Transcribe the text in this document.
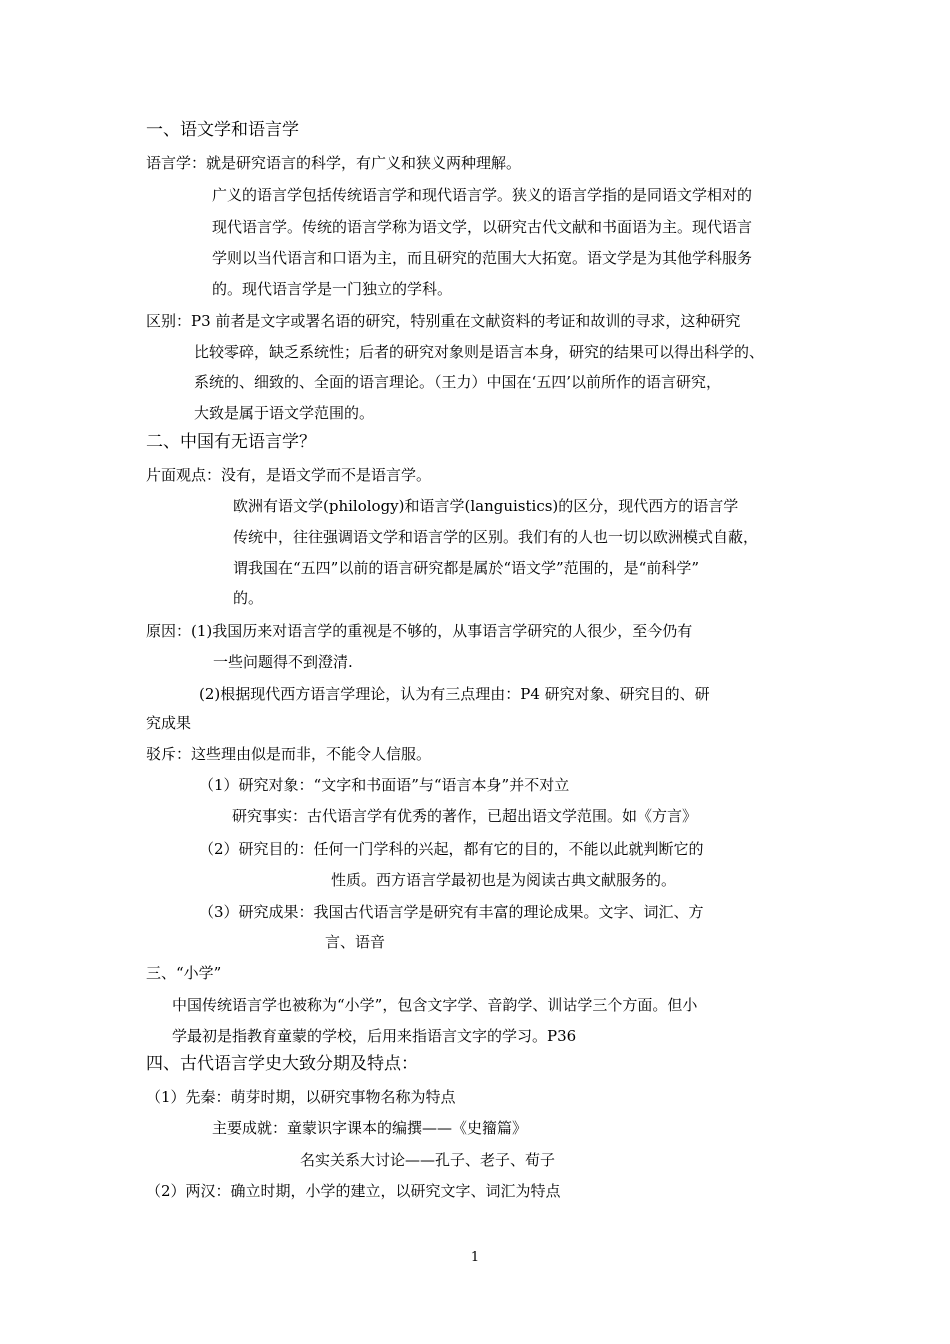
一、语文学和语言学
语言学：就是研究语言的科学，有广义和狭义两种理解。
广义的语言学包括传统语言学和现代语言学。狭义的语言学指的是同语文学相对的
现代语言学。传统的语言学称为语文学，以研究古代文献和书面语为主。现代语言
学则以当代语言和口语为主，而且研究的范围大大拓宽。语文学是为其他学科服务
的。现代语言学是一门独立的学科。
区别：P3 前者是文字或署名语的研究，特别重在文献资料的考证和故训的寻求，这种研究
比较零碎，缺乏系统性；后者的研究对象则是语言本身，研究的结果可以得出科学的、
系统的、细致的、全面的语言理论。（王力）中国在‘五四’以前所作的语言研究，
大致是属于语文学范围的。
二、中国有无语言学？
片面观点：没有，是语文学而不是语言学。
欧洲有语文学(philology)和语言学(languistics)的区分，现代西方的语言学
传统中，往往强调语文学和语言学的区别。我们有的人也一切以欧洲模式自蔽，
谓我国在“五四”以前的语言研究都是属於“语文学”范围的，是“前科学”
的。
原因：(1)我国历来对语言学的重视是不够的，从事语言学研究的人很少，至今仍有
一些问题得不到澄清.
(2)根据现代西方语言学理论，认为有三点理由：P4 研究对象、研究目的、研
究成果
驳斥：这些理由似是而非，不能令人信服。
（1）研究对象：“文字和书面语”与“语言本身”并不对立
研究事实：古代语言学有优秀的著作，已超出语文学范围。如《方言》
（2）研究目的：任何一门学科的兴起，都有它的目的，不能以此就判断它的
性质。西方语言学最初也是为阅读古典文献服务的。
（3）研究成果：我国古代语言学是研究有丰富的理论成果。文字、词汇、方
言、语音
三、“小学”
中国传统语言学也被称为“小学”，包含文字学、音韵学、训诂学三个方面。但小
学最初是指教育童蒙的学校，后用来指语言文字的学习。P36
四、古代语言学史大致分期及特点：
（1）先秦：萌芽时期，以研究事物名称为特点
主要成就：童蒙识字课本的编撰——《史籀篇》
名实关系大讨论——孔子、老子、荀子
（2）两汉：确立时期，小学的建立，以研究文字、词汇为特点
1
